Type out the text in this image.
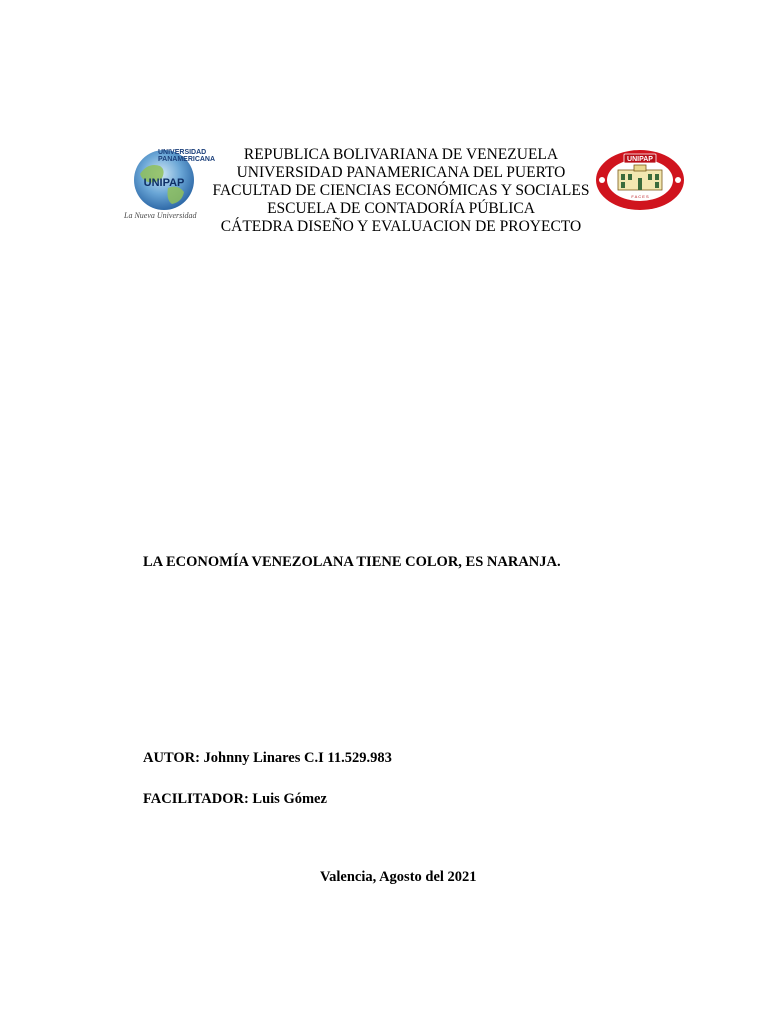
UNIVERSIDAD
PANAMERICANA
UNIPAP
La Nueva Universidad
REPUBLICA BOLIVARIANA DE VENEZUELA
UNIVERSIDAD PANAMERICANA DEL PUERTO
FACULTAD DE CIENCIAS ECONÓMICAS Y SOCIALES
ESCUELA DE CONTADORÍA PÚBLICA
CÁTEDRA DISEÑO Y EVALUACION DE PROYECTO
UNIPAP
F A C E S
LA ECONOMÍA VENEZOLANA TIENE COLOR, ES NARANJA.
AUTOR: Johnny Linares C.I 11.529.983
FACILITADOR: Luis Gómez
Valencia, Agosto del 2021
